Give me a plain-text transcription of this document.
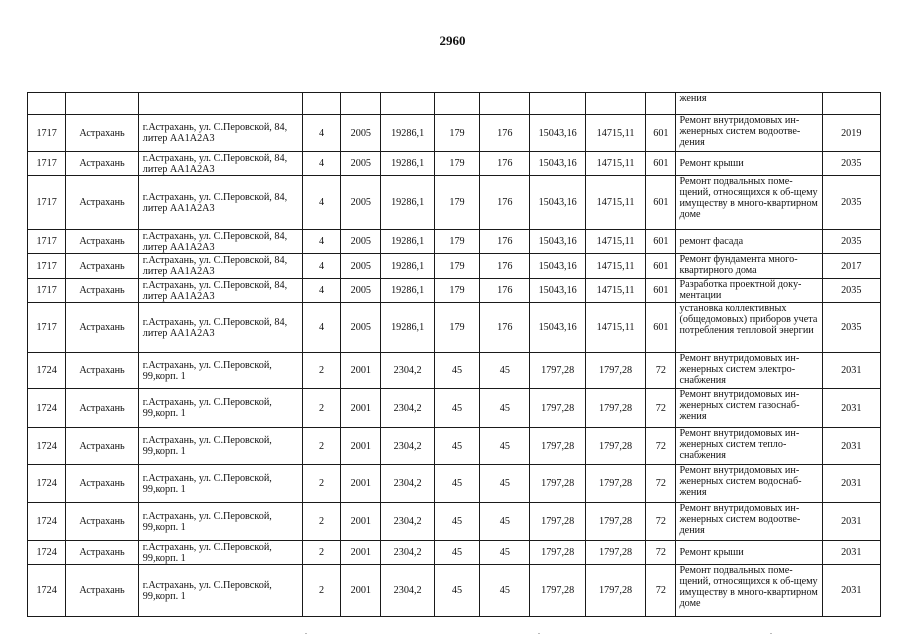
2960
											жения	
1717	Астрахань	г.Астрахань, ул. С.Перовской, 84, литер АА1А2А3	4	2005	19286,1	179	176	15043,16	14715,11	601	Ремонт внутридомовых ин-женерных систем водоотве-дения	2019
1717	Астрахань	г.Астрахань, ул. С.Перовской, 84, литер АА1А2А3	4	2005	19286,1	179	176	15043,16	14715,11	601	Ремонт крыши	2035
1717	Астрахань	г.Астрахань, ул. С.Перовской, 84, литер АА1А2А3	4	2005	19286,1	179	176	15043,16	14715,11	601	Ремонт подвальных поме-щений, относящихся к об-щему имуществу в много-квартирном доме	2035
1717	Астрахань	г.Астрахань, ул. С.Перовской, 84, литер АА1А2А3	4	2005	19286,1	179	176	15043,16	14715,11	601	ремонт фасада	2035
1717	Астрахань	г.Астрахань, ул. С.Перовской, 84, литер АА1А2А3	4	2005	19286,1	179	176	15043,16	14715,11	601	Ремонт фундамента много-квартирного дома	2017
1717	Астрахань	г.Астрахань, ул. С.Перовской, 84, литер АА1А2А3	4	2005	19286,1	179	176	15043,16	14715,11	601	Разработка проектной доку-ментации	2035
1717	Астрахань	г.Астрахань, ул. С.Перовской, 84, литер АА1А2А3	4	2005	19286,1	179	176	15043,16	14715,11	601	установка коллективных (общедомовых) приборов учета потребления тепловой энергии	2035
1724	Астрахань	г.Астрахань, ул. С.Перовской, 99,корп. 1	2	2001	2304,2	45	45	1797,28	1797,28	72	Ремонт внутридомовых ин-женерных систем электро-снабжения	2031
1724	Астрахань	г.Астрахань, ул. С.Перовской, 99,корп. 1	2	2001	2304,2	45	45	1797,28	1797,28	72	Ремонт внутридомовых ин-женерных систем газоснаб-жения	2031
1724	Астрахань	г.Астрахань, ул. С.Перовской, 99,корп. 1	2	2001	2304,2	45	45	1797,28	1797,28	72	Ремонт внутридомовых ин-женерных систем тепло-снабжения	2031
1724	Астрахань	г.Астрахань, ул. С.Перовской, 99,корп. 1	2	2001	2304,2	45	45	1797,28	1797,28	72	Ремонт внутридомовых ин-женерных систем водоснаб-жения	2031
1724	Астрахань	г.Астрахань, ул. С.Перовской, 99,корп. 1	2	2001	2304,2	45	45	1797,28	1797,28	72	Ремонт внутридомовых ин-женерных систем водоотве-дения	2031
1724	Астрахань	г.Астрахань, ул. С.Перовской, 99,корп. 1	2	2001	2304,2	45	45	1797,28	1797,28	72	Ремонт крыши	2031
1724	Астрахань	г.Астрахань, ул. С.Перовской, 99,корп. 1	2	2001	2304,2	45	45	1797,28	1797,28	72	Ремонт подвальных поме-щений, относящихся к об-щему имуществу в много-квартирном доме	2031
